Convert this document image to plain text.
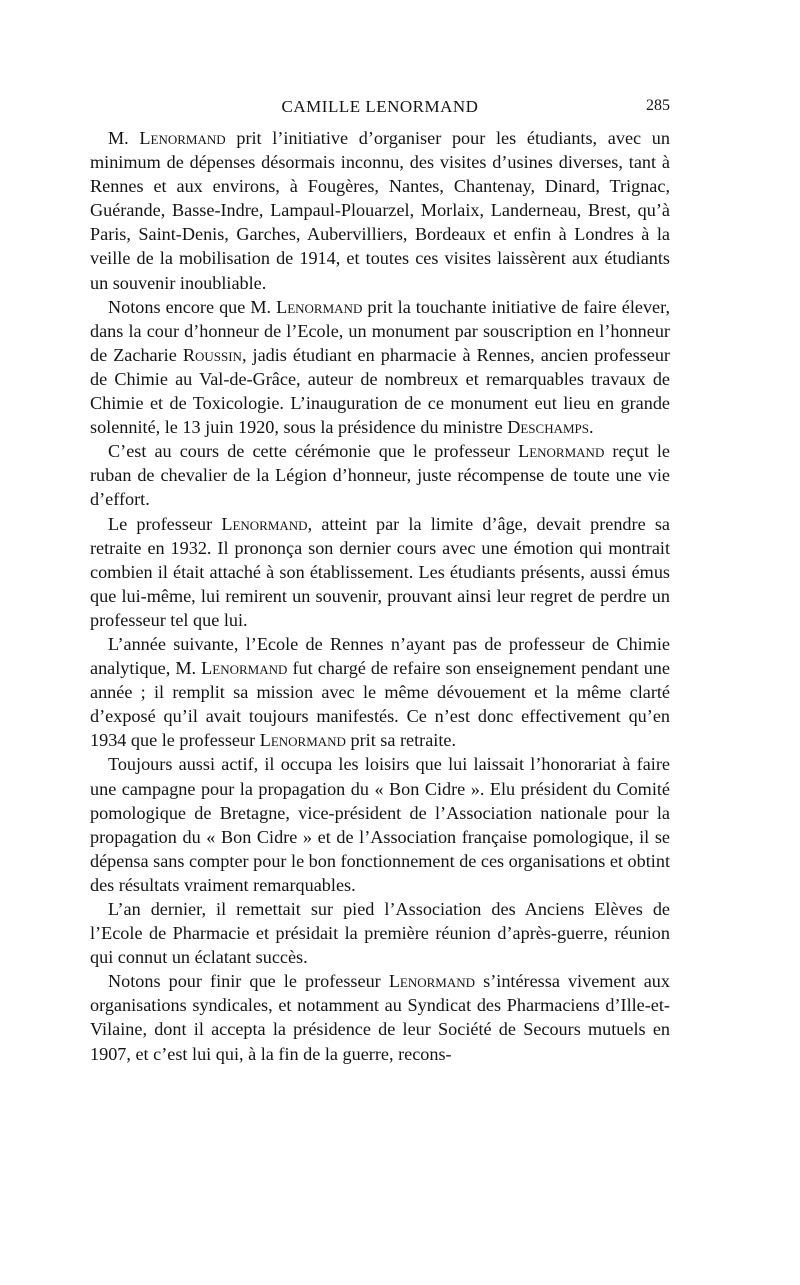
CAMILLE LENORMAND	285

M. Lenormand prit l’initiative d’organiser pour les étudiants, avec un minimum de dépenses désormais inconnu, des visites d’usines diverses, tant à Rennes et aux environs, à Fougères, Nantes, Chantenay, Dinard, Trignac, Guérande, Basse-Indre, Lampaul-Plouarzel, Morlaix, Landerneau, Brest, qu’à Paris, Saint-Denis, Garches, Aubervilliers, Bordeaux et enfin à Londres à la veille de la mobilisation de 1914, et toutes ces visites laissèrent aux étudiants un souvenir inoubliable.

Notons encore que M. Lenormand prit la touchante initiative de faire élever, dans la cour d’honneur de l’Ecole, un monument par souscription en l’honneur de Zacharie Roussin, jadis étudiant en pharmacie à Rennes, ancien professeur de Chimie au Val-de-Grâce, auteur de nombreux et remarquables travaux de Chimie et de Toxicologie. L’inauguration de ce monument eut lieu en grande solennité, le 13 juin 1920, sous la présidence du ministre Deschamps.

C’est au cours de cette cérémonie que le professeur Lenormand reçut le ruban de chevalier de la Légion d’honneur, juste récompense de toute une vie d’effort.

Le professeur Lenormand, atteint par la limite d’âge, devait prendre sa retraite en 1932. Il prononça son dernier cours avec une émotion qui montrait combien il était attaché à son établissement. Les étudiants présents, aussi émus que lui-même, lui remirent un souvenir, prouvant ainsi leur regret de perdre un professeur tel que lui.

L’année suivante, l’Ecole de Rennes n’ayant pas de professeur de Chimie analytique, M. Lenormand fut chargé de refaire son enseignement pendant une année ; il remplit sa mission avec le même dévouement et la même clarté d’exposé qu’il avait toujours manifestés. Ce n’est donc effectivement qu’en 1934 que le professeur Lenormand prit sa retraite.

Toujours aussi actif, il occupa les loisirs que lui laissait l’honorariat à faire une campagne pour la propagation du « Bon Cidre ». Elu président du Comité pomologique de Bretagne, vice-président de l’Association nationale pour la propagation du « Bon Cidre » et de l’Association française pomologique, il se dépensa sans compter pour le bon fonctionnement de ces organisations et obtint des résultats vraiment remarquables.

L’an dernier, il remettait sur pied l’Association des Anciens Elèves de l’Ecole de Pharmacie et présidait la première réunion d’après-guerre, réunion qui connut un éclatant succès.

Notons pour finir que le professeur Lenormand s’intéressa vivement aux organisations syndicales, et notamment au Syndicat des Pharmaciens d’Ille-et-Vilaine, dont il accepta la présidence de leur Société de Secours mutuels en 1907, et c’est lui qui, à la fin de la guerre, recons-
